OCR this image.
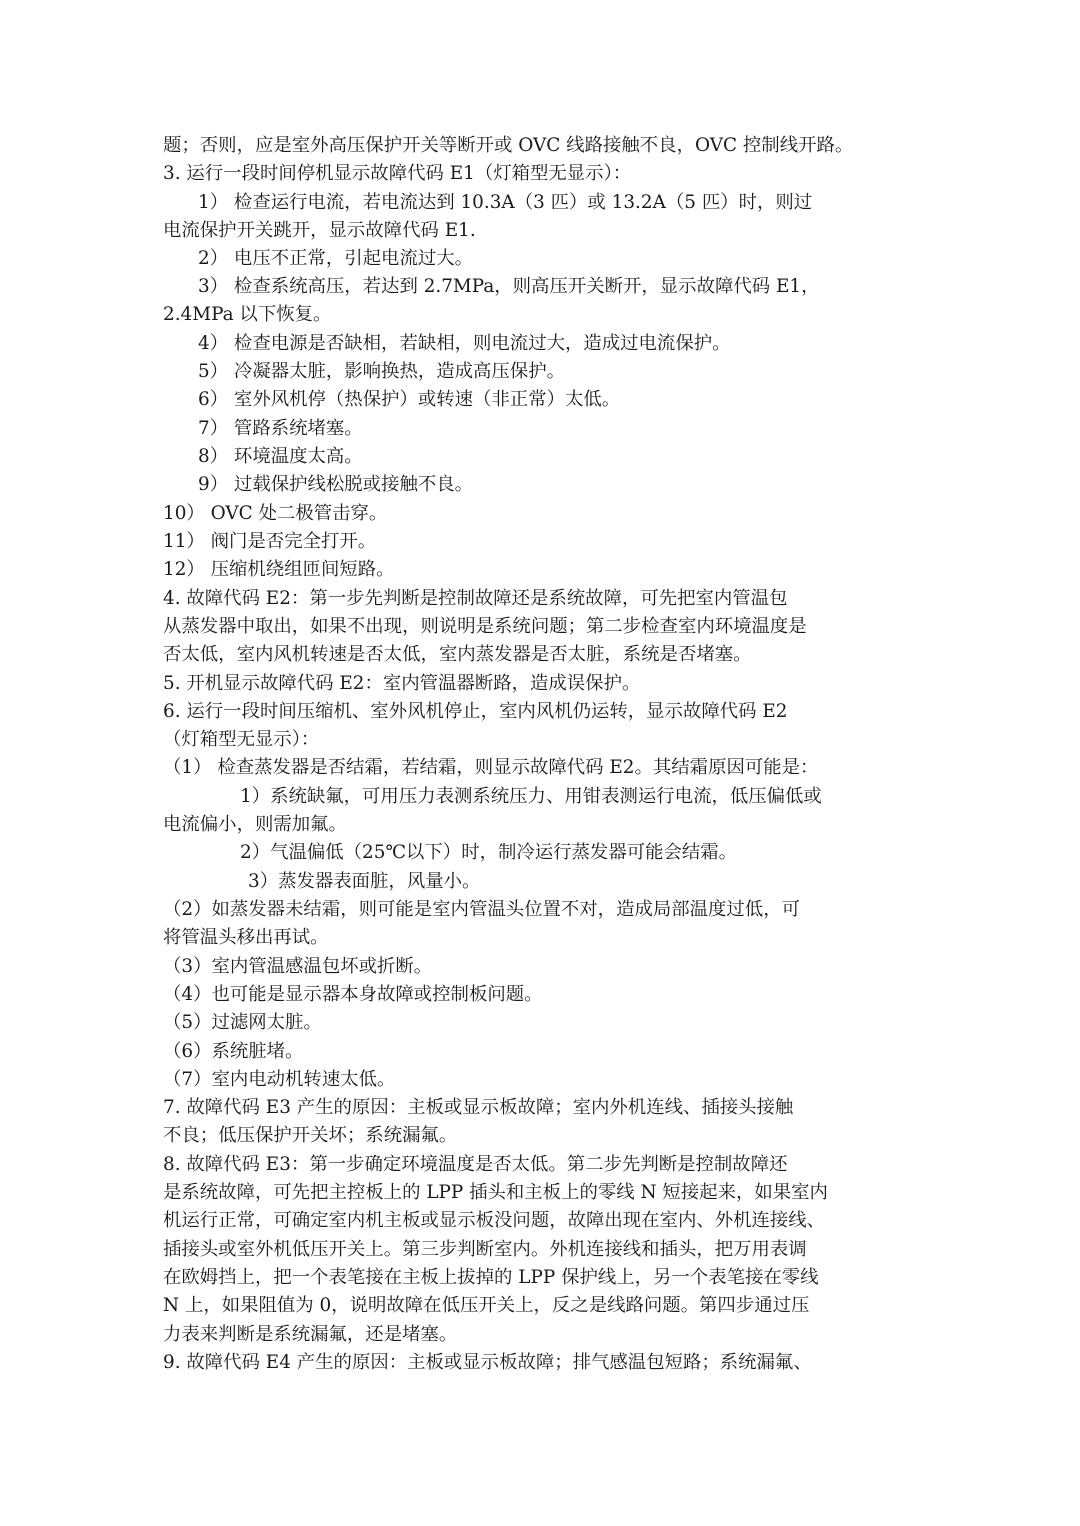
题；否则，应是室外高压保护开关等断开或 OVC 线路接触不良，OVC 控制线开路。

3. 运行一段时间停机显示故障代码 E1（灯箱型无显示）：

1） 检查运行电流，若电流达到 10.3A（3 匹）或 13.2A（5 匹）时，则过

电流保护开关跳开，显示故障代码 E1.

2） 电压不正常，引起电流过大。

3） 检查系统高压，若达到 2.7MPa，则高压开关断开，显示故障代码 E1，

2.4MPa 以下恢复。

4） 检查电源是否缺相，若缺相，则电流过大，造成过电流保护。

5） 冷凝器太脏，影响换热，造成高压保护。

6） 室外风机停（热保护）或转速（非正常）太低。

7） 管路系统堵塞。

8） 环境温度太高。

9） 过载保护线松脱或接触不良。

10） OVC 处二极管击穿。

11） 阀门是否完全打开。

12） 压缩机绕组匝间短路。

4. 故障代码 E2：第一步先判断是控制故障还是系统故障，可先把室内管温包

从蒸发器中取出，如果不出现，则说明是系统问题；第二步检查室内环境温度是

否太低，室内风机转速是否太低，室内蒸发器是否太脏，系统是否堵塞。

5. 开机显示故障代码 E2：室内管温器断路，造成误保护。

6. 运行一段时间压缩机、室外风机停止，室内风机仍运转，显示故障代码 E2

（灯箱型无显示）：

（1） 检查蒸发器是否结霜，若结霜，则显示故障代码 E2。其结霜原因可能是：

1）系统缺氟，可用压力表测系统压力、用钳表测运行电流，低压偏低或

电流偏小，则需加氟。

2）气温偏低（25℃以下）时，制冷运行蒸发器可能会结霜。

3）蒸发器表面脏，风量小。

（2）如蒸发器未结霜，则可能是室内管温头位置不对，造成局部温度过低，可

将管温头移出再试。

（3）室内管温感温包坏或折断。

（4）也可能是显示器本身故障或控制板问题。

（5）过滤网太脏。

（6）系统脏堵。

（7）室内电动机转速太低。

7. 故障代码 E3 产生的原因：主板或显示板故障；室内外机连线、插接头接触

不良；低压保护开关坏；系统漏氟。

8. 故障代码 E3：第一步确定环境温度是否太低。第二步先判断是控制故障还

是系统故障，可先把主控板上的 LPP 插头和主板上的零线 N 短接起来，如果室内

机运行正常，可确定室内机主板或显示板没问题，故障出现在室内、外机连接线、

插接头或室外机低压开关上。第三步判断室内。外机连接线和插头，把万用表调

在欧姆挡上，把一个表笔接在主板上拔掉的 LPP 保护线上，另一个表笔接在零线

N 上，如果阻值为 0，说明故障在低压开关上，反之是线路问题。第四步通过压

力表来判断是系统漏氟，还是堵塞。

9. 故障代码 E4 产生的原因：主板或显示板故障；排气感温包短路；系统漏氟、
